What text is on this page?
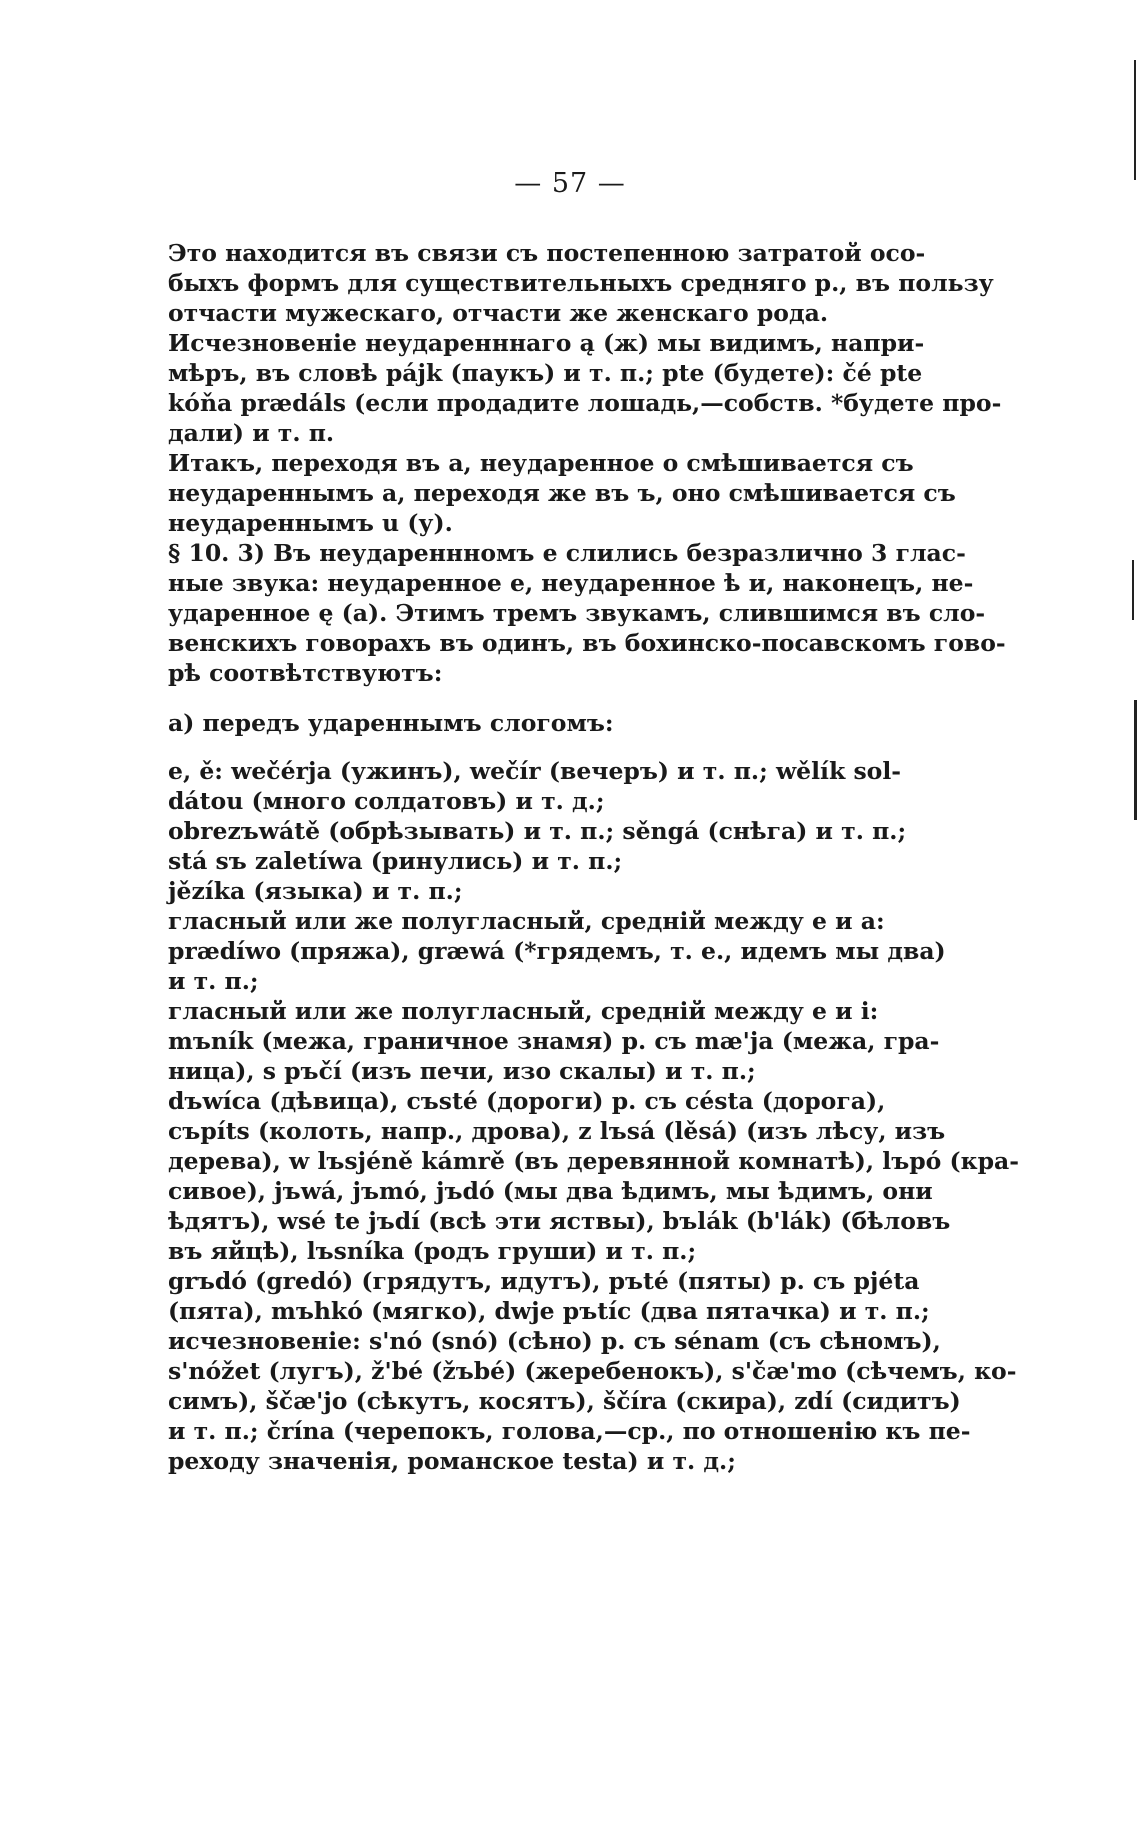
— 57 —
Это находится въ связи съ постепенною затратой осо-
быхъ формъ для существительныхъ средняго р., въ пользу
отчасти мужескаго, отчасти же женскаго рода.
Исчезновеніе неударенннаго ą (ж) мы видимъ, напри-
мѣръ, въ словѣ pájk (паукъ) и т. п.; pte (будете): čé pte
kóňa prædáls (если продадите лошадь,—собств. *будете про-
дали) и т. п.
Итакъ, переходя въ а, неударенное о смѣшивается съ
неудареннымъ а, переходя же въ ъ, оно смѣшивается съ
неудареннымъ u (у).
§ 10. 3) Въ неудареннномъ е слились безразлично 3 глас-
ные звука: неударенное е, неударенное ѣ и, наконецъ, не-
ударенное ę (а). Этимъ тремъ звукамъ, слившимся въ сло-
венскихъ говорахъ въ одинъ, въ бохинско-посавскомъ гово-
рѣ соотвѣтствуютъ:
а) передъ удареннымъ слогомъ:
е, ě: wečérja (ужинъ), wečír (вечеръ) и т. п.; wělík sol-
dátou (много солдатовъ) и т. д.;
obrezъwátě (обрѣзывать) и т. п.; sěngá (снѣга) и т. п.;
stá sъ zaletíwa (ринулись) и т. п.;
jězíka (языка) и т. п.;
гласный или же полугласный, средній между е и а:
prædíwo (пряжа), græwá (*грядемъ, т. е., идемъ мы два)
и т. п.;
гласный или же полугласный, средній между е и і:
mъník (межа, граничное знамя) р. съ mæ'ja (межа, гра-
ница), s pъčí (изъ печи, изо скалы) и т. п.;
dъwíca (дѣвица), cъsté (дороги) р. съ césta (дорога),
cъpíts (колоть, напр., дрова), z lъsá (lěsá) (изъ лѣсу, изъ
дерева), w lъsjéně kámrě (въ деревянной комнатѣ), lъpó (кра-
сивое), jъwá, jъmó, jъdó (мы два ѣдимъ, мы ѣдимъ, они
ѣдятъ), wsé te jъdí (всѣ эти яствы), bъlák (b'lák) (бѣловъ
въ яйцѣ), lъsníka (родъ груши) и т. п.;
grъdó (gredó) (грядутъ, идутъ), pъté (пяты) р. съ pjéta
(пята), mъhkó (мягко), dwje pъtíc (два пятачка) и т. п.;
исчезновеніе: s'nó (snó) (сѣно) р. съ sénam (съ сѣномъ),
s'nóžet (лугъ), ž'bé (žъbé) (жеребенокъ), s'čæ'mo (сѣчемъ, ко-
симъ), ščæ'jo (сѣкутъ, косятъ), ščíra (скира), zdí (сидитъ)
и т. п.; črína (черепокъ, голова,—ср., по отношенію къ пе-
реходу значенія, романское testa) и т. д.;
